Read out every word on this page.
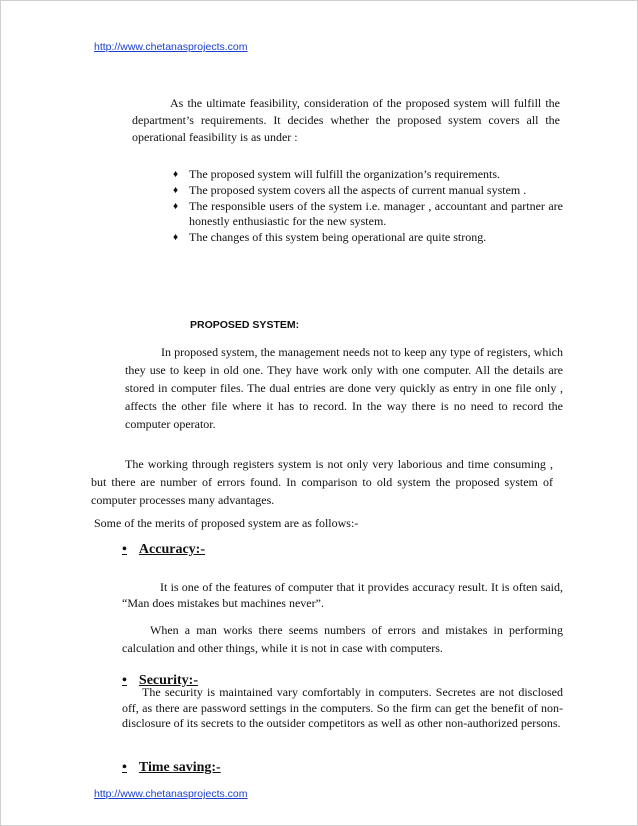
http://www.chetanasprojects.com
As the ultimate feasibility, consideration of the proposed system will fulfill the department’s requirements. It decides whether the proposed system covers all the operational feasibility is as under :
♦ The proposed system will fulfill the organization’s requirements.
♦ The proposed system covers all the aspects of current manual system .
♦ The responsible users of the system i.e. manager , accountant and partner are honestly enthusiastic for the new system.
♦ The changes of this system being operational are quite strong.
PROPOSED SYSTEM:
In proposed system, the management needs not to keep any type of registers, which they use to keep in old one. They have work only with one computer. All the details are stored in computer files. The dual entries are done very quickly as entry in one file only , affects the other file where it has to record. In the way there is no need to record the computer operator.
The working through registers system is not only very laborious and time consuming , but there are number of errors found. In comparison to old system the proposed system of computer processes many advantages.
Some of the merits of proposed system are as follows:-
• Accuracy:-
It is one of the features of computer that it provides accuracy result. It is often said, “Man does mistakes but machines never”.
When a man works there seems numbers of errors and mistakes in performing calculation and other things, while it is not in case with computers.
• Security:-
The security is maintained vary comfortably in computers. Secretes are not disclosed off, as there are password settings in the computers. So the firm can get the benefit of non-disclosure of its secrets to the outsider competitors as well as other non-authorized persons.
• Time saving:-
http://www.chetanasprojects.com
